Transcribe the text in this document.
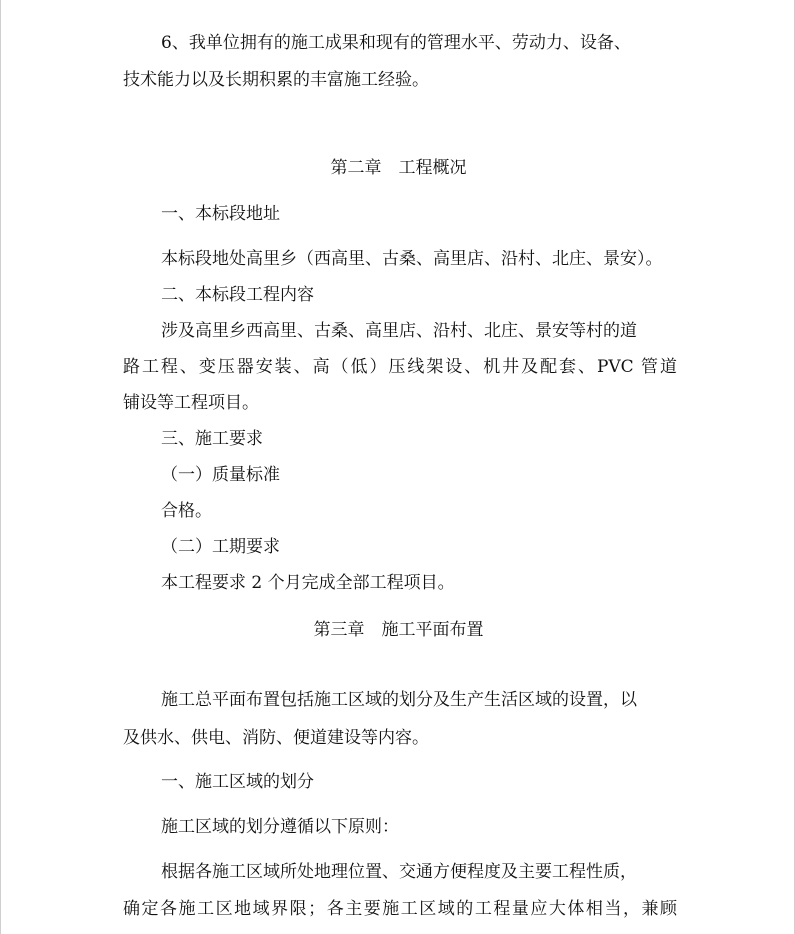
6、我单位拥有的施工成果和现有的管理水平、劳动力、设备、
技术能力以及长期积累的丰富施工经验。
第二章　工程概况
一、本标段地址
本标段地处高里乡（西高里、古桑、高里店、沿村、北庄、景安）。
二、本标段工程内容
涉及高里乡西高里、古桑、高里店、沿村、北庄、景安等村的道
路工程、变压器安装、高（低）压线架设、机井及配套、PVC 管道
铺设等工程项目。
三、施工要求
（一）质量标准
合格。
（二）工期要求
本工程要求 2 个月完成全部工程项目。
第三章　施工平面布置
施工总平面布置包括施工区域的划分及生产生活区域的设置，以
及供水、供电、消防、便道建设等内容。
一、施工区域的划分
施工区域的划分遵循以下原则：
根据各施工区域所处地理位置、交通方便程度及主要工程性质，
确定各施工区地域界限；各主要施工区域的工程量应大体相当，兼顾
